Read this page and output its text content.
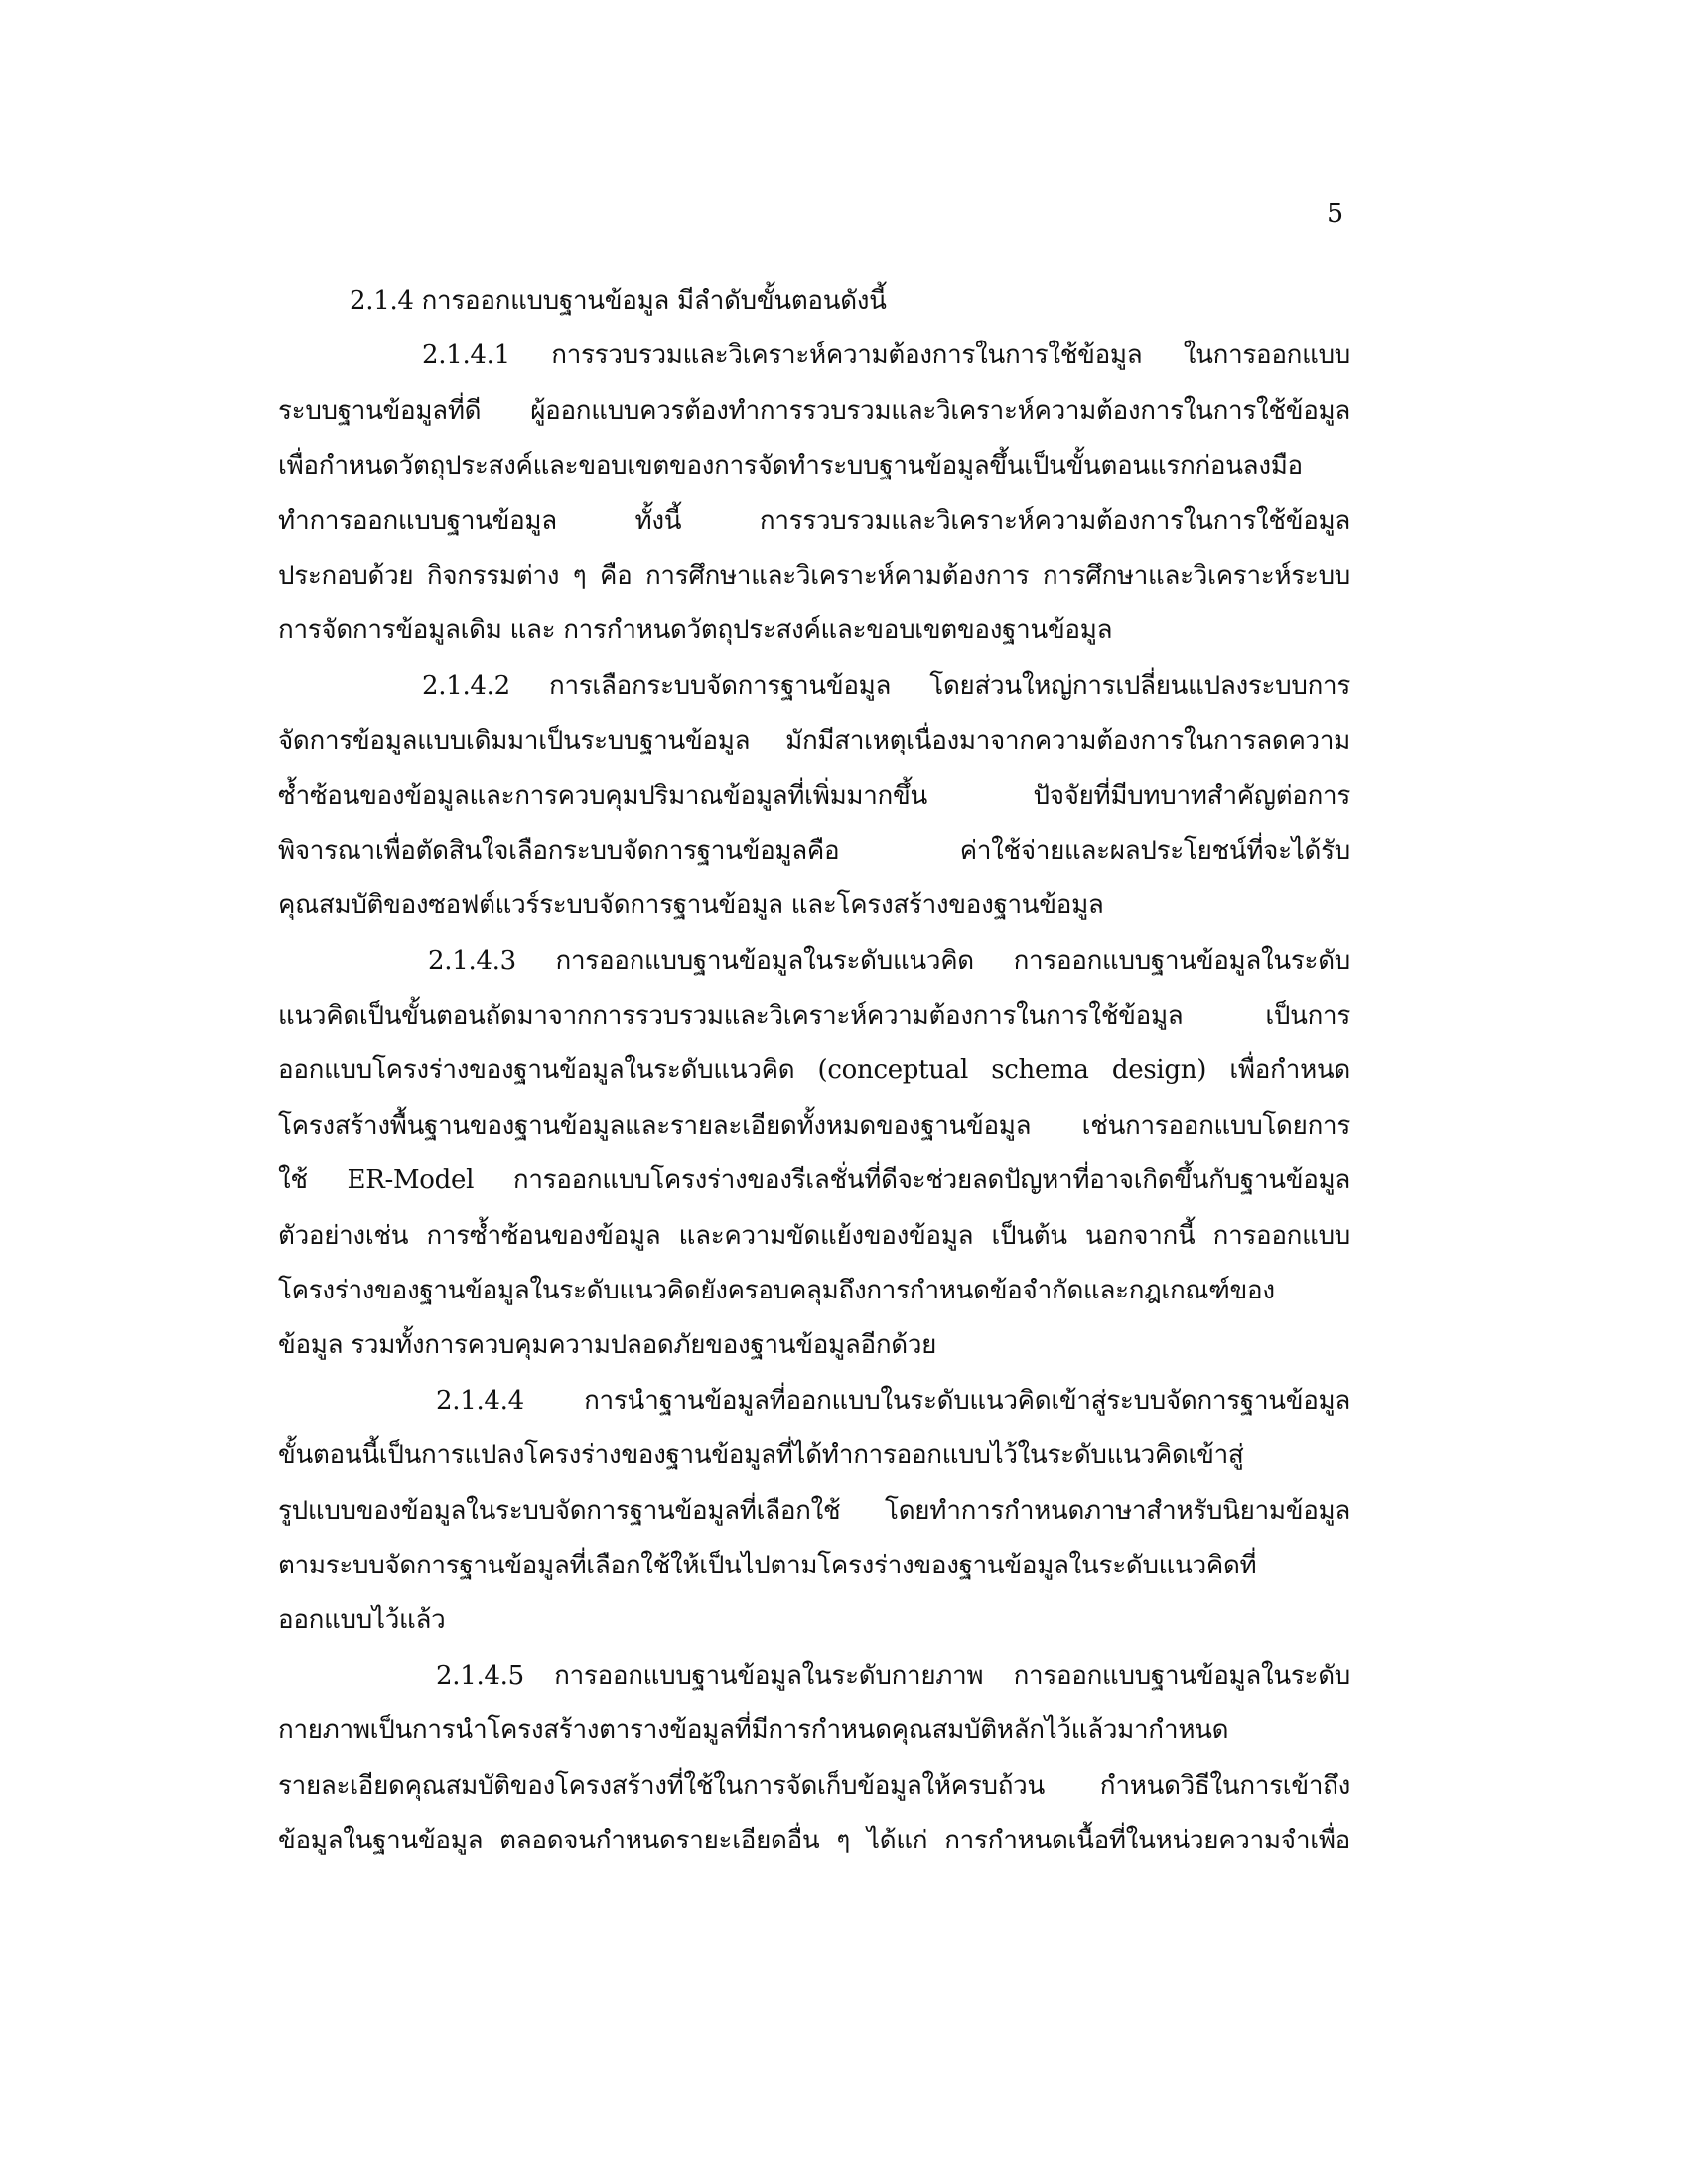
5
2.1.4 การออกแบบฐานข้อมูล มีลำดับขั้นตอนดังนี้
2.1.4.1 การรวบรวมและวิเคราะห์ความต้องการในการใช้ข้อมูล ในการออกแบบ
ระบบฐานข้อมูลที่ดี ผู้ออกแบบควรต้องทำการรวบรวมและวิเคราะห์ความต้องการในการใช้ข้อมูล
เพื่อกำหนดวัตถุประสงค์และขอบเขตของการจัดทำระบบฐานข้อมูลขึ้นเป็นขั้นตอนแรกก่อนลงมือ
ทำการออกแบบฐานข้อมูล ทั้งนี้ การรวบรวมและวิเคราะห์ความต้องการในการใช้ข้อมูล
ประกอบด้วย กิจกรรมต่าง ๆ คือ การศึกษาและวิเคราะห์คามต้องการ การศึกษาและวิเคราะห์ระบบ
การจัดการข้อมูลเดิม และ การกำหนดวัตถุประสงค์และขอบเขตของฐานข้อมูล
2.1.4.2 การเลือกระบบจัดการฐานข้อมูล โดยส่วนใหญ่การเปลี่ยนแปลงระบบการ
จัดการข้อมูลแบบเดิมมาเป็นระบบฐานข้อมูล มักมีสาเหตุเนื่องมาจากความต้องการในการลดความ
ซ้ำซ้อนของข้อมูลและการควบคุมปริมาณข้อมูลที่เพิ่มมากขึ้น ปัจจัยที่มีบทบาทสำคัญต่อการ
พิจารณาเพื่อตัดสินใจเลือกระบบจัดการฐานข้อมูลคือ ค่าใช้จ่ายและผลประโยชน์ที่จะได้รับ
คุณสมบัติของซอฟต์แวร์ระบบจัดการฐานข้อมูล และโครงสร้างของฐานข้อมูล
2.1.4.3 การออกแบบฐานข้อมูลในระดับแนวคิด การออกแบบฐานข้อมูลในระดับ
แนวคิดเป็นขั้นตอนถัดมาจากการรวบรวมและวิเคราะห์ความต้องการในการใช้ข้อมูล เป็นการ
ออกแบบโครงร่างของฐานข้อมูลในระดับแนวคิด (conceptual schema design) เพื่อกำหนด
โครงสร้างพื้นฐานของฐานข้อมูลและรายละเอียดทั้งหมดของฐานข้อมูล เช่นการออกแบบโดยการ
ใช้ ER-Model การออกแบบโครงร่างของรีเลชั่นที่ดีจะช่วยลดปัญหาที่อาจเกิดขึ้นกับฐานข้อมูล
ตัวอย่างเช่น การซ้ำซ้อนของข้อมูล และความขัดแย้งของข้อมูล เป็นต้น นอกจากนี้ การออกแบบ
โครงร่างของฐานข้อมูลในระดับแนวคิดยังครอบคลุมถึงการกำหนดข้อจำกัดและกฎเกณฑ์ของ
ข้อมูล รวมทั้งการควบคุมความปลอดภัยของฐานข้อมูลอีกด้วย
2.1.4.4 การนำฐานข้อมูลที่ออกแบบในระดับแนวคิดเข้าสู่ระบบจัดการฐานข้อมูล
ขั้นตอนนี้เป็นการแปลงโครงร่างของฐานข้อมูลที่ได้ทำการออกแบบไว้ในระดับแนวคิดเข้าสู่
รูปแบบของข้อมูลในระบบจัดการฐานข้อมูลที่เลือกใช้ โดยทำการกำหนดภาษาสำหรับนิยามข้อมูล
ตามระบบจัดการฐานข้อมูลที่เลือกใช้ให้เป็นไปตามโครงร่างของฐานข้อมูลในระดับแนวคิดที่
ออกแบบไว้แล้ว
2.1.4.5 การออกแบบฐานข้อมูลในระดับกายภาพ การออกแบบฐานข้อมูลในระดับ
กายภาพเป็นการนำโครงสร้างตารางข้อมูลที่มีการกำหนดคุณสมบัติหลักไว้แล้วมากำหนด
รายละเอียดคุณสมบัติของโครงสร้างที่ใช้ในการจัดเก็บข้อมูลให้ครบถ้วน กำหนดวิธีในการเข้าถึง
ข้อมูลในฐานข้อมูล ตลอดจนกำหนดรายะเอียดอื่น ๆ ได้แก่ การกำหนดเนื้อที่ในหน่วยความจำเพื่อ
